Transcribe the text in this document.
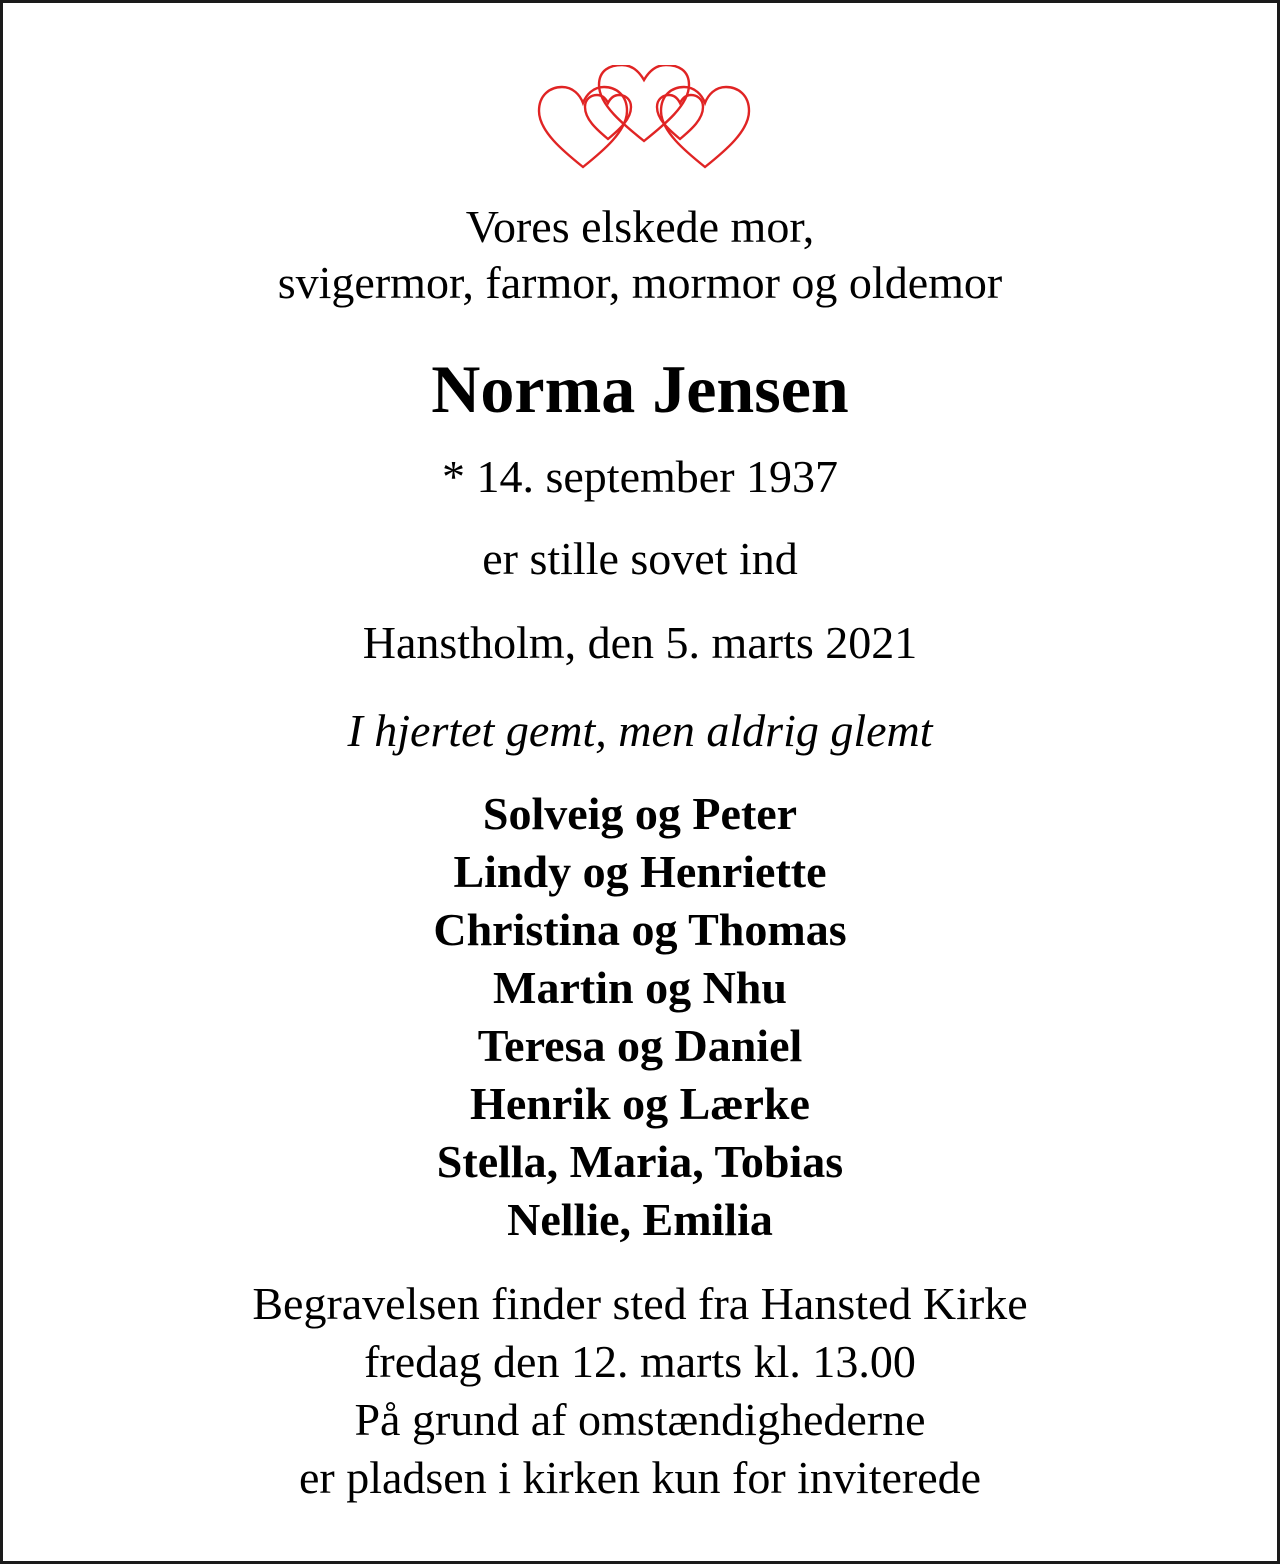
Vores elskede mor,
svigermor, farmor, mormor og oldemor

Norma Jensen

* 14. september 1937

er stille sovet ind

Hanstholm, den 5. marts 2021

I hjertet gemt, men aldrig glemt

Solveig og Peter
Lindy og Henriette
Christina og Thomas
Martin og Nhu
Teresa og Daniel
Henrik og Lærke
Stella, Maria, Tobias
Nellie, Emilia

Begravelsen finder sted fra Hansted Kirke
fredag den 12. marts kl. 13.00
På grund af omstændighederne
er pladsen i kirken kun for inviterede
